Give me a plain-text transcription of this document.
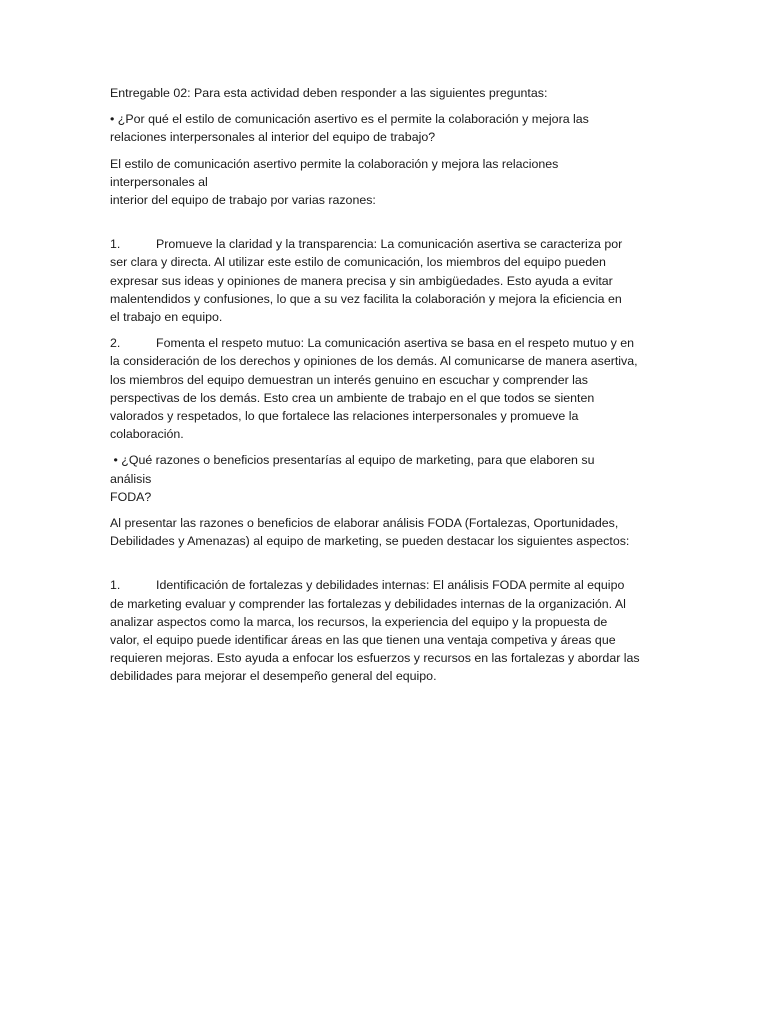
Entregable 02: Para esta actividad deben responder a las siguientes preguntas:

• ¿Por qué el estilo de comunicación asertivo es el permite la colaboración y mejora las
relaciones interpersonales al interior del equipo de trabajo?

El estilo de comunicación asertivo permite la colaboración y mejora las relaciones
interpersonales al
interior del equipo de trabajo por varias razones:

1.	Promueve la claridad y la transparencia: La comunicación asertiva se caracteriza por
ser clara y directa. Al utilizar este estilo de comunicación, los miembros del equipo pueden
expresar sus ideas y opiniones de manera precisa y sin ambigüedades. Esto ayuda a evitar
malentendidos y confusiones, lo que a su vez facilita la colaboración y mejora la eficiencia en
el trabajo en equipo.
2.	Fomenta el respeto mutuo: La comunicación asertiva se basa en el respeto mutuo y en
la consideración de los derechos y opiniones de los demás. Al comunicarse de manera asertiva,
los miembros del equipo demuestran un interés genuino en escuchar y comprender las
perspectivas de los demás. Esto crea un ambiente de trabajo en el que todos se sienten
valorados y respetados, lo que fortalece las relaciones interpersonales y promueve la
colaboración.

• ¿Qué razones o beneficios presentarías al equipo de marketing, para que elaboren su
análisis
FODA?

Al presentar las razones o beneficios de elaborar análisis FODA (Fortalezas, Oportunidades,
Debilidades y Amenazas) al equipo de marketing, se pueden destacar los siguientes aspectos:

1.	Identificación de fortalezas y debilidades internas: El análisis FODA permite al equipo
de marketing evaluar y comprender las fortalezas y debilidades internas de la organización. Al
analizar aspectos como la marca, los recursos, la experiencia del equipo y la propuesta de
valor, el equipo puede identificar áreas en las que tienen una ventaja competiva y áreas que
requieren mejoras. Esto ayuda a enfocar los esfuerzos y recursos en las fortalezas y abordar las
debilidades para mejorar el desempeño general del equipo.
